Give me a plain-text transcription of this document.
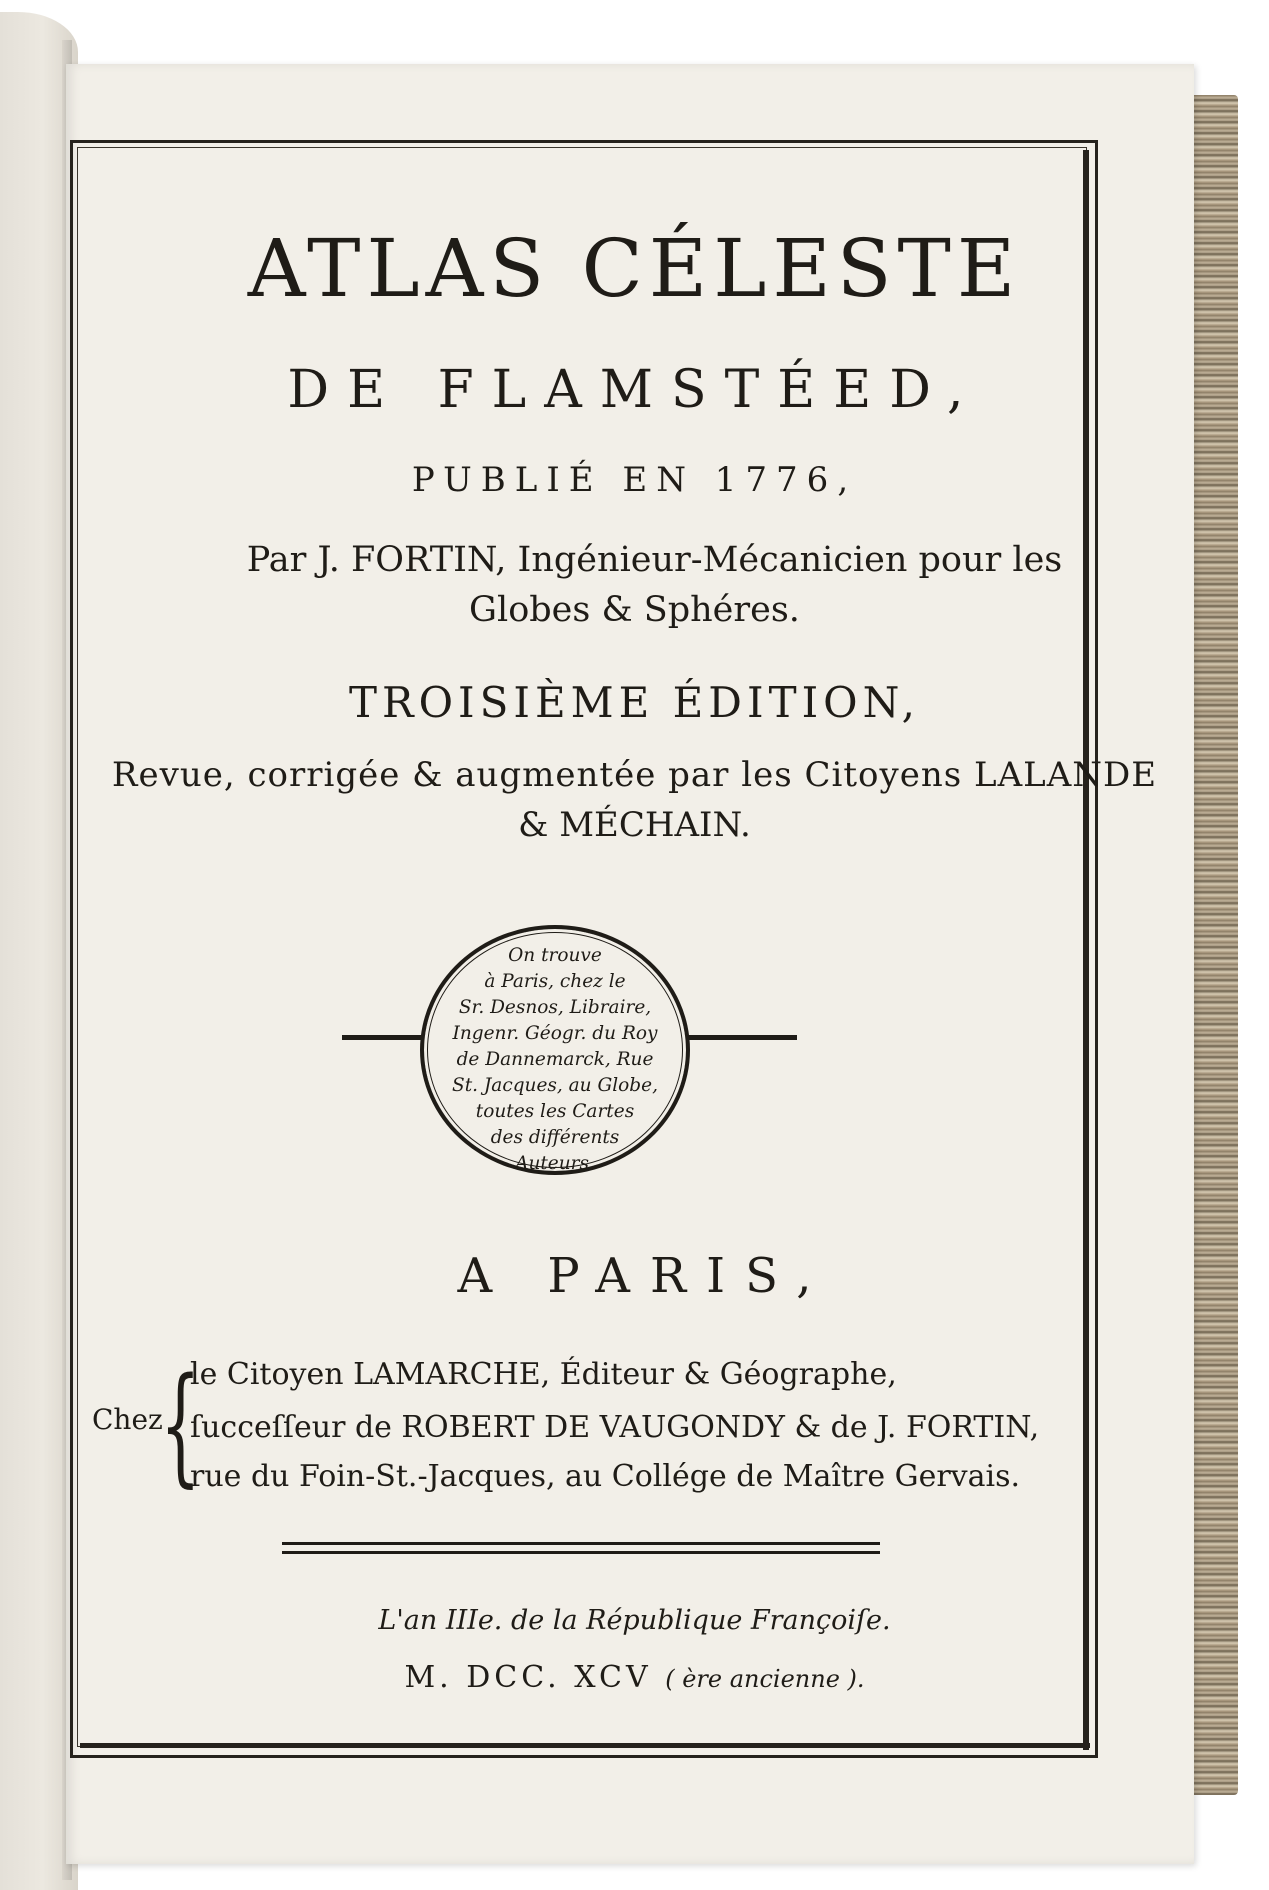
ATLAS CÉLESTE
DE FLAMSTÉED,
PUBLIÉ EN 1776,
Par J. FORTIN, Ingénieur-Mécanicien pour les
Globes & Sphéres.
TROISIÈME ÉDITION,
Revue, corrigée & augmentée par les Citoyens LALANDE
& MÉCHAIN.
On trouve
à Paris, chez le
Sr. Desnos, Libraire,
Ingenr. Géogr. du Roy
de Dannemarck, Rue
St. Jacques, au Globe,
toutes les Cartes
des différents
Auteurs.
A PARIS,
Chez
{
le Citoyen LAMARCHE, Éditeur & Géographe,
ſucceſſeur de ROBERT DE VAUGONDY & de J. FORTIN,
rue du Foin-St.-Jacques, au Collége de Maître Gervais.
L'an IIIe. de la République Françoiſe.
M. DCC. XCV ( ère ancienne ).
